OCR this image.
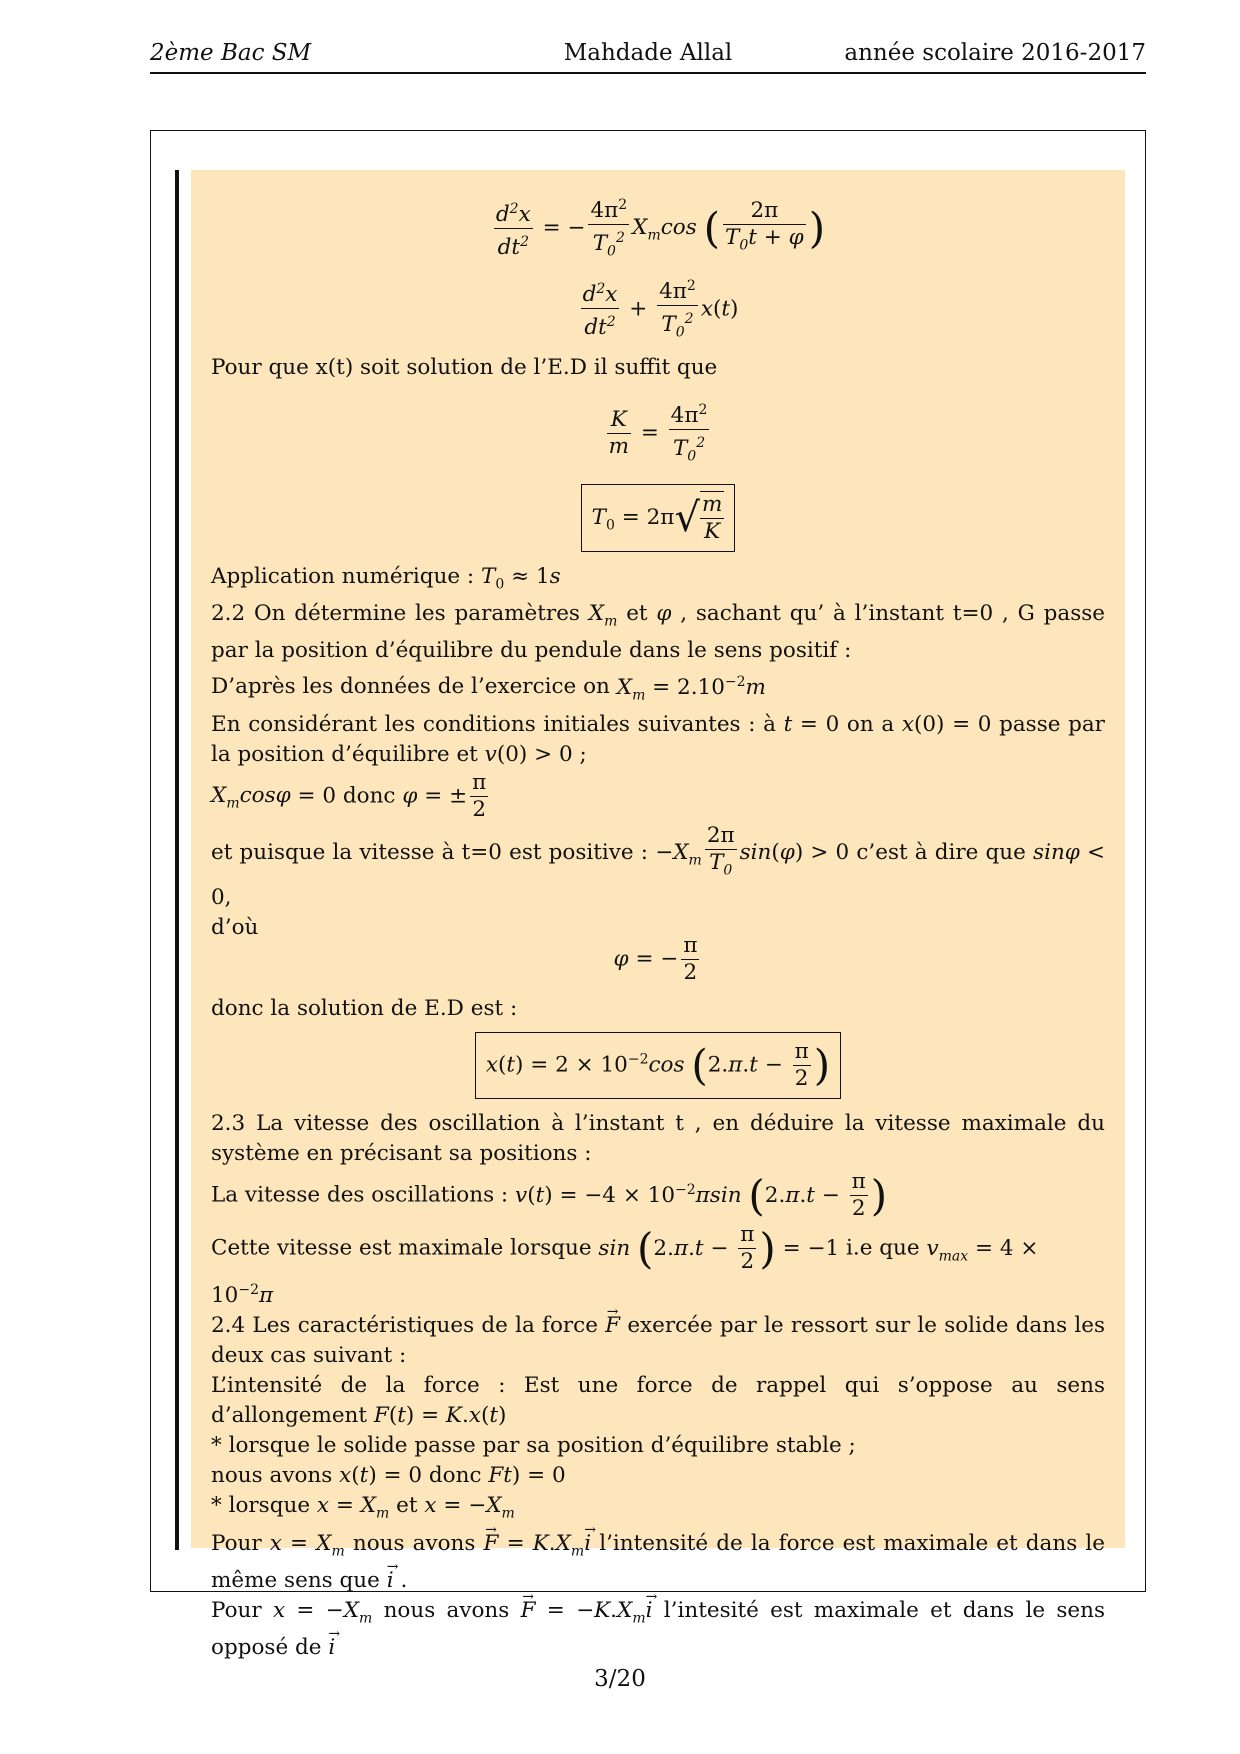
2ème Bac SM	Mahdade Allal	année scolaire 2016-2017
$\frac{d^2x}{dt^2}$ = − $\frac{4\pi^2}{T_0^2} X_m\cos$ ( $\frac{2\pi}{T_0t + \varphi}$ )
$\frac{d^2x}{dt^2} + \frac{4\pi^2}{T_0^2} x(t)$

Pour que x(t) soit solution de l’E.D il suffit que

$\frac{K}{m} = \frac{4\pi^2}{T_0^2}$
$T_0 = 2\pi√ \frac{m}{K}$

Application numérique : $T_0 \approx 1s$

2.2 On détermine les paramètres $X_m$ et φ , sachant qu’ à l’instant t=0 , G passe par la position d’équilibre du pendule dans le sens positif :

D’après les données de l’exercice on $X_m = 2.10^{-2}m$

En considérant les conditions initiales suivantes : à t = 0 on a x(0) = 0 passe par la position d’équilibre et v(0) > 0 ;

$X_m\cos\varphi = 0$ donc φ = ± $\frac{\pi}{2}$

et puisque la vitesse à t=0 est positive : $-X_m \frac{2\pi}{T_0} \sin(\varphi) > 0$ c’est à dire que sinφ < 0,

d’où

φ = − $\frac{\pi}{2}$

donc la solution de E.D est :

$x(t) = 2 \times 10^{-2}\cos$ ($2.\pi.t - \frac{\pi}{2}$ )

2.3 La vitesse des oscillation à l’instant t , en déduire la vitesse maximale du système en précisant sa positions :

La vitesse des oscillations : $v(t) = -4 \times 10^{-2}\pi\sin$ ($2.\pi.t - \frac{\pi}{2}$ )

Cette vitesse est maximale lorsque $\sin (2.\pi.t - \frac{\pi}{2}$ ) = −1 i.e que $v_{max} = 4 \times 10^{-2}\pi$

2.4 Les caractéristiques de la force → F exercée par le ressort sur le solide dans les deux cas suivant :

L’intensité de la force : Est une force de rappel qui s’oppose au sens d’allongement F(t) = K.x(t)

* lorsque le solide passe par sa position d’équilibre stable ;

nous avons x(t) = 0 donc Ft) = 0

* lorsque $x = X_m$ et $x = -X_m$

Pour $x = X_m$ nous avons → $F = K.X_m\to i$ l’intensité de la force est maximale et dans le même sens que → i .

Pour $x = -X_m$ nous avons → $F = -K.X_m\to i$ l’intesité est maximale et dans le sens opposé de → i

3/20
